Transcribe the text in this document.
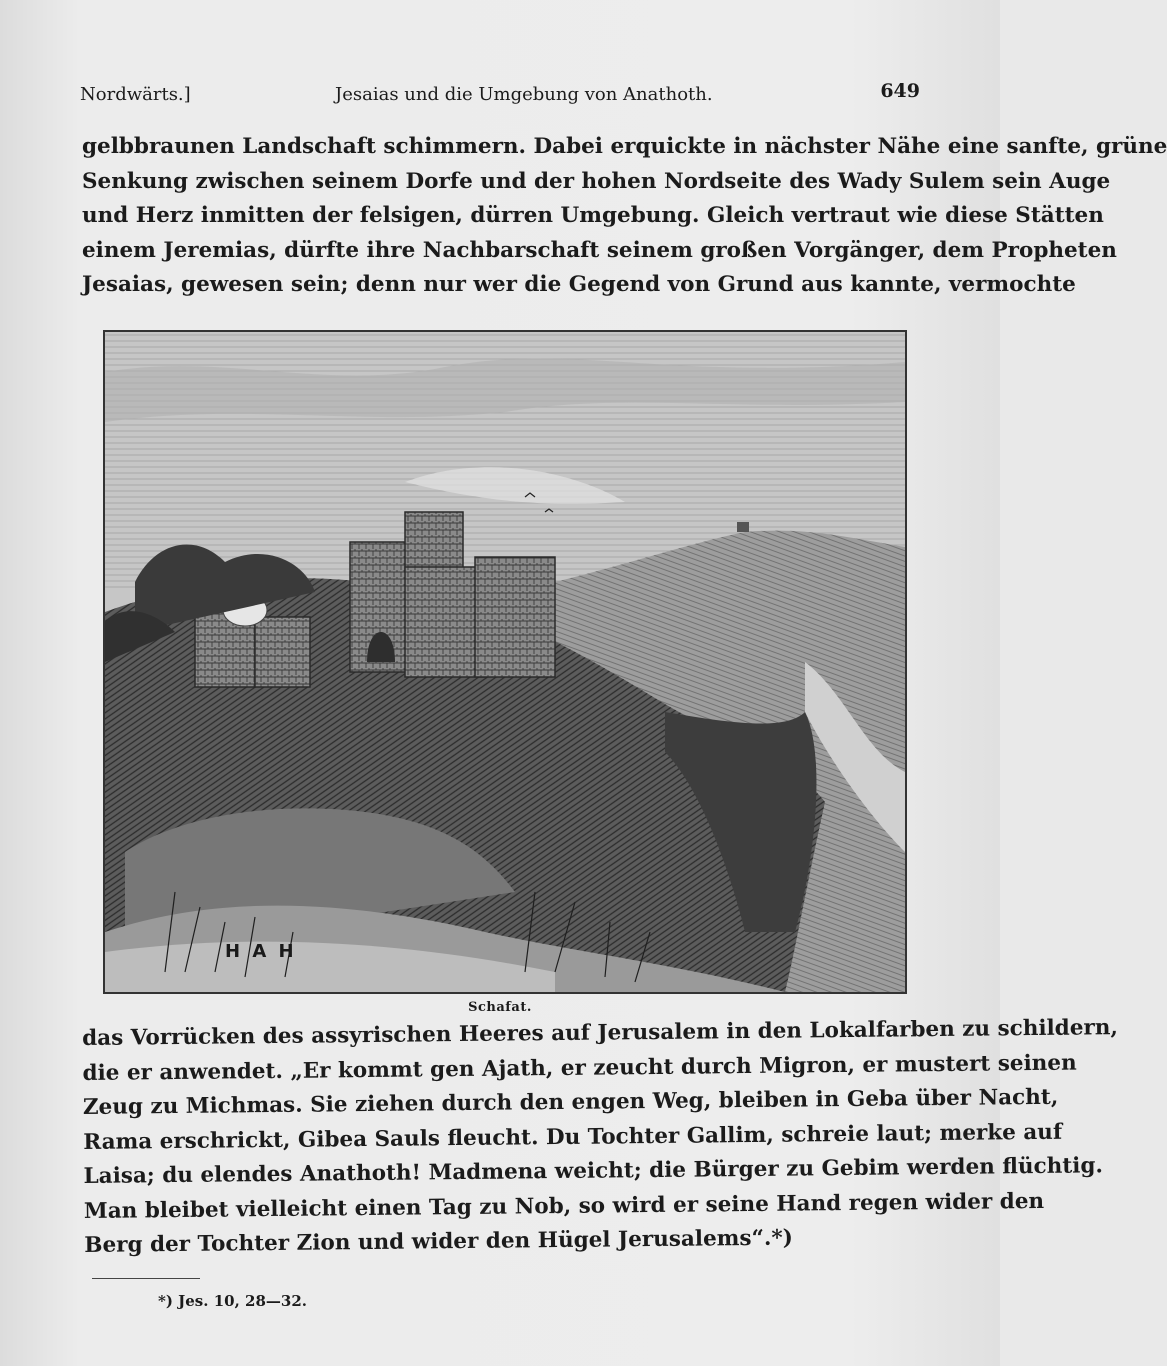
Nordwärts.]	Jesaias und die Umgebung von Anathoth.	649
gelbbraunen Landschaft schimmern. Dabei erquickte in nächster Nähe eine sanfte, grüne
Senkung zwischen seinem Dorfe und der hohen Nordseite des Wady Sulem sein Auge
und Herz inmitten der felsigen, dürren Umgebung. Gleich vertraut wie diese Stätten
einem Jeremias, dürfte ihre Nachbarschaft seinem großen Vorgänger, dem Propheten
Jesaias, gewesen sein; denn nur wer die Gegend von Grund aus kannte, vermochte
H A H
Schafat.
das Vorrücken des assyrischen Heeres auf Jerusalem in den Lokalfarben zu schildern,
die er anwendet. „Er kommt gen Ajath, er zeucht durch Migron, er mustert seinen
Zeug zu Michmas. Sie ziehen durch den engen Weg, bleiben in Geba über Nacht,
Rama erschrickt, Gibea Sauls fleucht. Du Tochter Gallim, schreie laut; merke auf
Laisa; du elendes Anathoth! Madmena weicht; die Bürger zu Gebim werden flüchtig.
Man bleibet vielleicht einen Tag zu Nob, so wird er seine Hand regen wider den
Berg der Tochter Zion und wider den Hügel Jerusalems“.*)
*) Jes. 10, 28—32.
